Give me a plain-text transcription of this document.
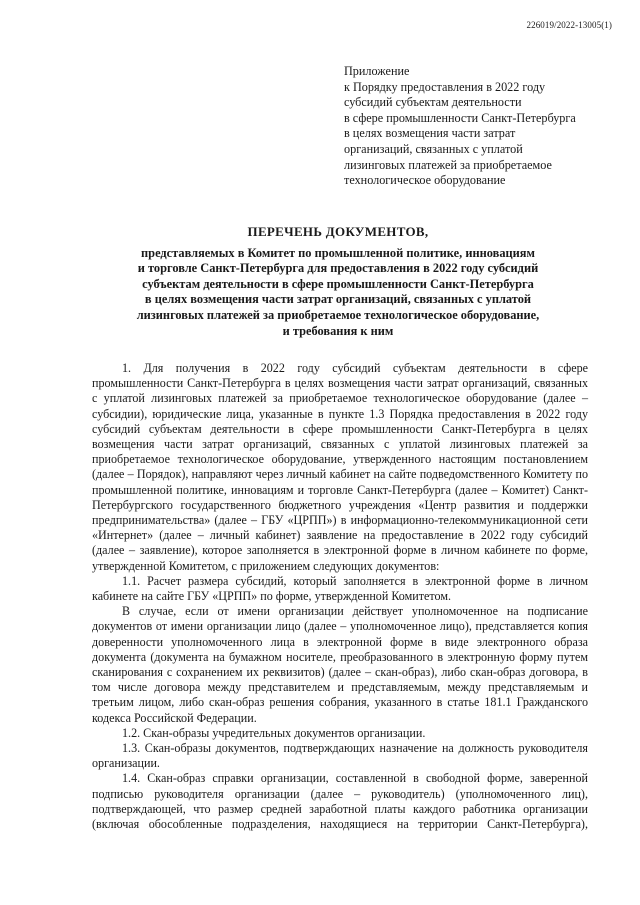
226019/2022-13005(1)
Приложение
к Порядку предоставления в 2022 году
субсидий субъектам деятельности
в сфере промышленности Санкт-Петербурга
в целях возмещения части затрат
организаций, связанных с уплатой
лизинговых платежей за приобретаемое
технологическое оборудование
ПЕРЕЧЕНЬ ДОКУМЕНТОВ,
представляемых в Комитет по промышленной политике, инновациям
и торговле Санкт-Петербурга для предоставления в 2022 году субсидий
субъектам деятельности в сфере промышленности Санкт-Петербурга
в целях возмещения части затрат организаций, связанных с уплатой
лизинговых платежей за приобретаемое технологическое оборудование,
и требования к ним

1. Для получения в 2022 году субсидий субъектам деятельности в сфере промышленности Санкт-Петербурга в целях возмещения части затрат организаций, связанных с уплатой лизинговых платежей за приобретаемое технологическое оборудование (далее – субсидии), юридические лица, указанные в пункте 1.3 Порядка предоставления в 2022 году субсидий субъектам деятельности в сфере промышленности Санкт-Петербурга в целях возмещения части затрат организаций, связанных с уплатой лизинговых платежей за приобретаемое технологическое оборудование, утвержденного настоящим постановлением (далее – Порядок), направляют через личный кабинет на сайте подведомственного Комитету по промышленной политике, инновациям и торговле Санкт-Петербурга (далее – Комитет) Санкт-Петербургского государственного бюджетного учреждения «Центр развития и поддержки предпринимательства» (далее – ГБУ «ЦРПП») в информационно-телекоммуникационной сети «Интернет» (далее – личный кабинет) заявление на предоставление в 2022 году субсидий (далее – заявление), которое заполняется в электронной форме в личном кабинете по форме, утвержденной Комитетом, с приложением следующих документов:

1.1. Расчет размера субсидий, который заполняется в электронной форме в личном кабинете на сайте ГБУ «ЦРПП» по форме, утвержденной Комитетом.

В случае, если от имени организации действует уполномоченное на подписание документов от имени организации лицо (далее – уполномоченное лицо), представляется копия доверенности уполномоченного лица в электронной форме в виде электронного образа документа (документа на бумажном носителе, преобразованного в электронную форму путем сканирования с сохранением их реквизитов) (далее – скан-образ), либо скан-образ договора, в том числе договора между представителем и представляемым, между представляемым и третьим лицом, либо скан-образ решения собрания, указанного в статье 181.1 Гражданского кодекса Российской Федерации.

1.2. Скан-образы учредительных документов организации.

1.3. Скан-образы документов, подтверждающих назначение на должность руководителя организации.

1.4. Скан-образ справки организации, составленной в свободной форме, заверенной подписью руководителя организации (далее – руководитель) (уполномоченного лиц), подтверждающей, что размер средней заработной платы каждого работника организации (включая обособленные подразделения, находящиеся на территории Санкт-Петербурга),
